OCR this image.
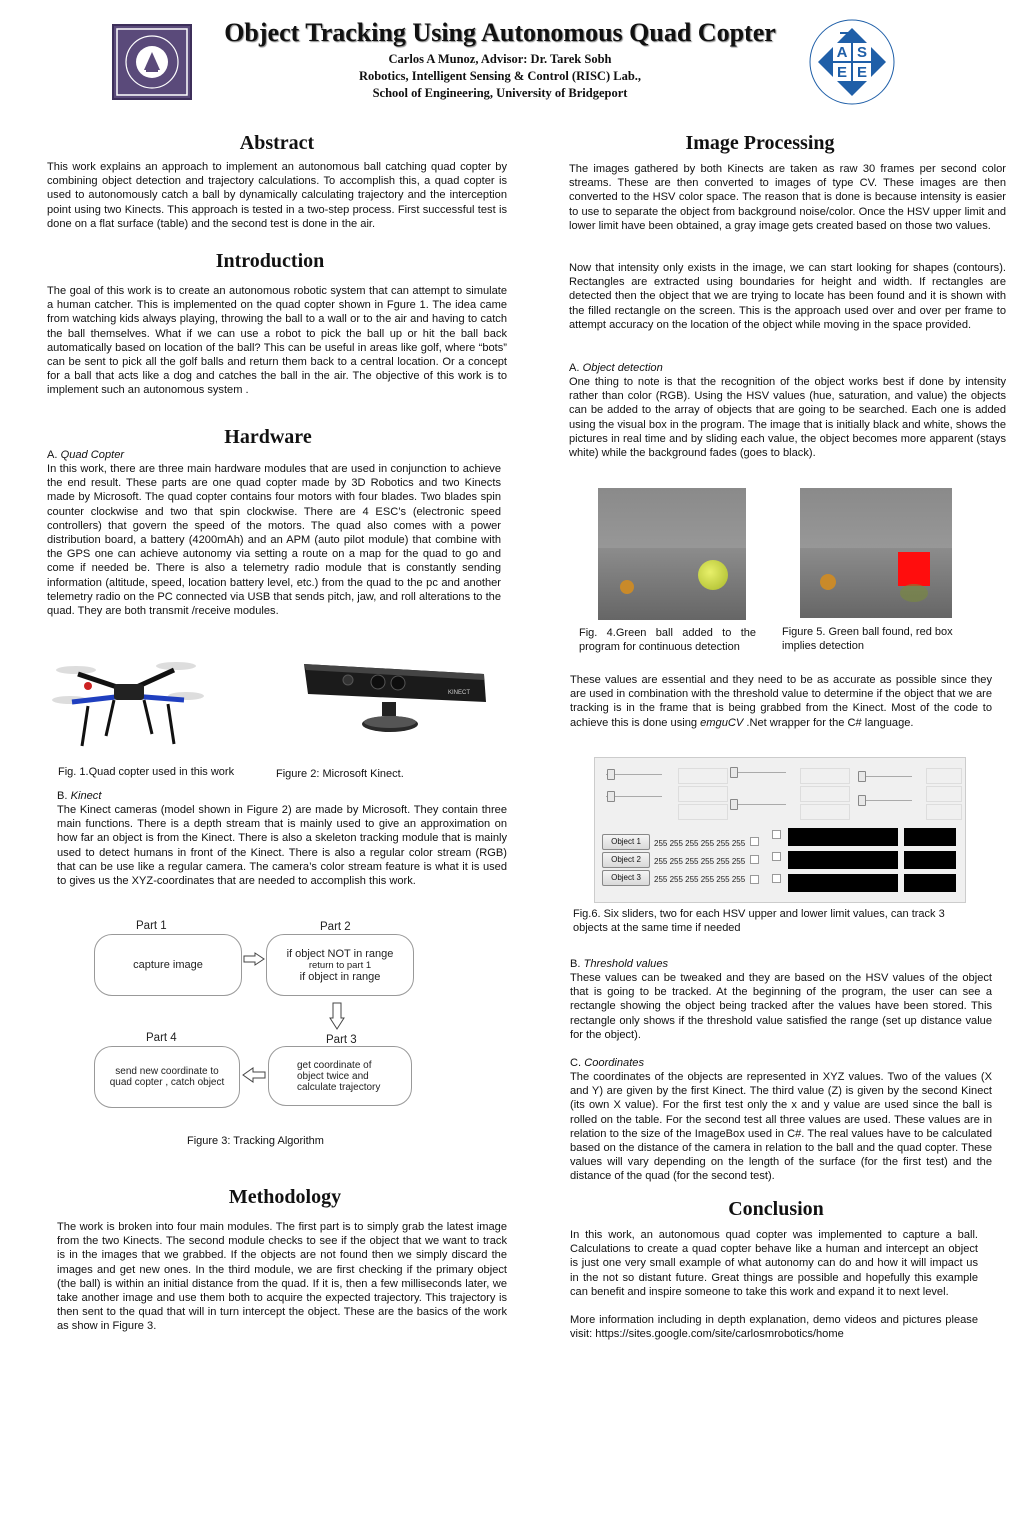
Object Tracking Using Autonomous Quad Copter
Carlos A Munoz, Advisor: Dr. Tarek Sobh
Robotics, Intelligent Sensing & Control (RISC) Lab.,
School of Engineering, University of Bridgeport
A S
E E
Abstract
This work explains an approach to implement an autonomous ball catching quad copter by combining object detection and trajectory calculations. To accomplish this, a quad copter is used to autonomously catch a ball by dynamically calculating trajectory and the interception point using two Kinects. This approach is tested in a two-step process. First successful test is done on a flat surface (table) and the second test is done in the air.
Introduction
The goal of this work is to create an autonomous robotic system that can attempt to simulate a human catcher. This is implemented on the quad copter shown in Fgure 1. The idea came from watching kids always playing, throwing the ball to a wall or to the air and having to catch the ball themselves. What if we can use a robot to pick the ball up or hit the ball back automatically based on location of the ball? This can be useful in areas like golf, where “bots” can be sent to pick all the golf balls and return them back to a central location. Or a concept for a ball that acts like a dog and catches the ball in the air. The objective of this work is to implement such an autonomous system .
Hardware
A. Quad Copter
In this work, there are three main hardware modules that are used in conjunction to achieve the end result. These parts are one quad copter made by 3D Robotics and two Kinects made by Microsoft. The quad copter contains four motors with four blades. Two blades spin counter clockwise and two that spin clockwise. There are 4 ESC’s (electronic speed controllers) that govern the speed of the motors. The quad also comes with a power distribution board, a battery (4200mAh) and an APM (auto pilot module) that combine with the GPS one can achieve autonomy via setting a route on a map for the quad to go and come if needed be. There is also a telemetry radio module that is constantly sending information (altitude, speed, location battery level, etc.) from the quad to the pc and another telemetry radio on the PC connected via USB that sends pitch, jaw, and roll alterations to the quad. They are both transmit /receive modules.
KINECT
Fig. 1.Quad copter used in this work	Figure 2: Microsoft Kinect.
B. Kinect
The Kinect cameras (model shown in Figure 2) are made by Microsoft. They contain three main functions. There is a depth stream that is mainly used to give an approximation on how far an object is from the Kinect. There is also a skeleton tracking module that is mainly used to detect humans in front of the Kinect. There is also a regular color stream (RGB) that can be use like a regular camera. The camera’s color stream feature is what it is used to gives us the XYZ-coordinates that are needed to accomplish this work.
Part 1	Part 2
capture image
if object NOT in range
return to part 1
if object in range
Part 4	Part 3
send new coordinate to
quad copter , catch object
get coordinate of
object twice and
calculate trajectory
Figure 3: Tracking Algorithm
Methodology
The work is broken into four main modules. The first part is to simply grab the latest image from the two Kinects. The second module checks to see if the object that we want to track is in the images that we grabbed. If the objects are not found then we simply discard the images and get new ones. In the third module, we are first checking if the primary object (the ball) is within an initial distance from the quad. If it is, then a few milliseconds later, we take another image and use them both to acquire the expected trajectory. This trajectory is then sent to the quad that will in turn intercept the object. These are the basics of the work as show in Figure 3.
Image Processing
The images gathered by both Kinects are taken as raw 30 frames per second color streams. These are then converted to images of type CV. These images are then converted to the HSV color space. The reason that is done is because intensity is easier to use to separate the object from background noise/color. Once the HSV upper limit and lower limit have been obtained, a gray image gets created based on those two values.
Now that intensity only exists in the image, we can start looking for shapes (contours). Rectangles are extracted using boundaries for height and width. If rectangles are detected then the object that we are trying to locate has been found and it is shown with the filled rectangle on the screen. This is the approach used over and over per frame to attempt accuracy on the location of the object while moving in the space provided.
A. Object detection
One thing to note is that the recognition of the object works best if done by intensity rather than color (RGB). Using the HSV values (hue, saturation, and value) the objects can be added to the array of objects that are going to be searched. Each one is added using the visual box in the program. The image that is initially black and white, shows the pictures in real time and by sliding each value, the object becomes more apparent (stays white) while the background fades (goes to black).
Fig. 4.Green ball added to the program for continuous detection
Figure 5. Green ball found, red box implies detection
These values are essential and they need to be as accurate as possible since they are used in combination with the threshold value to determine if the object that we are tracking is in the frame that is being grabbed from the Kinect. Most of the code to achieve this is done using emguCV .Net wrapper for the C# language.
Object 1
Object 2
Object 3
255 255 255 255 255 255
255 255 255 255 255 255
255 255 255 255 255 255
Fig.6. Six sliders, two for each HSV upper and lower limit values, can track 3 objects at the same time if needed
B. Threshold values
These values can be tweaked and they are based on the HSV values of the object that is going to be tracked. At the beginning of the program, the user can see a rectangle showing the object being tracked after the values have been stored. This rectangle only shows if the threshold value satisfied the range (set up distance value for the object).
C. Coordinates
The coordinates of the objects are represented in XYZ values. Two of the values (X and Y) are given by the first Kinect. The third value (Z) is given by the second Kinect (its own X value). For the first test only the x and y value are used since the ball is rolled on the table. For the second test all three values are used. These values are in relation to the size of the ImageBox used in C#. The real values have to be calculated based on the distance of the camera in relation to the ball and the quad copter. These values will vary depending on the length of the surface (for the first test) and the distance of the quad (for the second test).
Conclusion
In this work, an autonomous quad copter was implemented to capture a ball. Calculations to create a quad copter behave like a human and intercept an object is just one very small example of what autonomy can do and how it will impact us in the not so distant future. Great things are possible and hopefully this example can benefit and inspire someone to take this work and expand it to next level.
More information including in depth explanation, demo videos and pictures please visit: https://sites.google.com/site/carlosmrobotics/home
